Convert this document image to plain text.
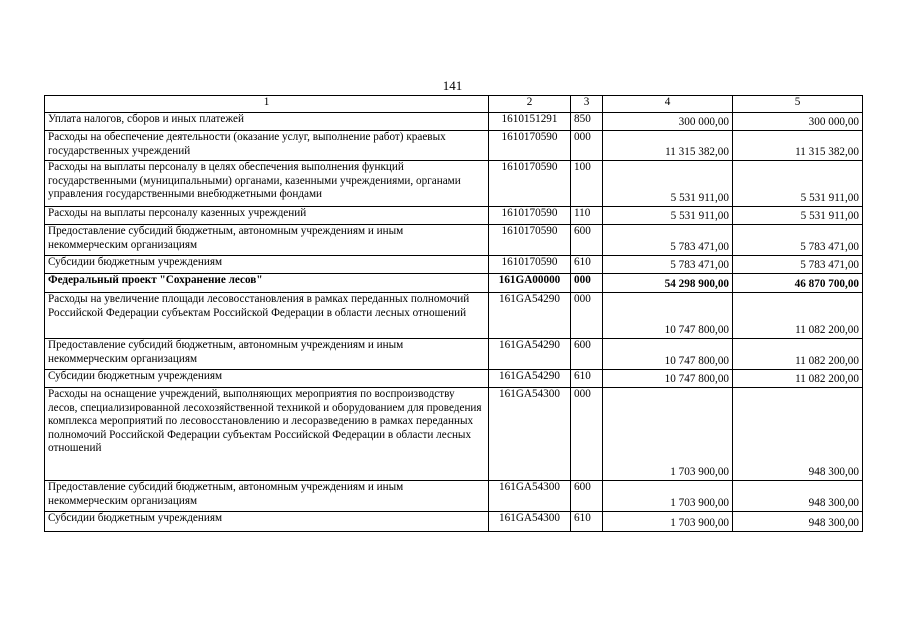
141
1	2	3	4	5
Уплата налогов, сборов и иных платежей	1610151291	850	300 000,00	300 000,00
Расходы на обеспечение деятельности (оказание услуг, выполнение работ) краевых государственных учреждений	1610170590	000	11 315 382,00	11 315 382,00
Расходы на выплаты персоналу в целях обеспечения выполнения функций государственными (муниципальными) органами, казенными учреждениями, органами управления государственными внебюджетными фондами	1610170590	100	5 531 911,00	5 531 911,00
Расходы на выплаты персоналу казенных учреждений	1610170590	110	5 531 911,00	5 531 911,00
Предоставление субсидий бюджетным, автономным учреждениям и иным некоммерческим организациям	1610170590	600	5 783 471,00	5 783 471,00
Субсидии бюджетным учреждениям	1610170590	610	5 783 471,00	5 783 471,00
Федеральный проект "Сохранение лесов"	161GA00000	000	54 298 900,00	46 870 700,00
Расходы на увеличение площади лесовосстановления в рамках переданных полномочий Российской Федерации субъектам Российской Федерации в области лесных отношений	161GA54290	000	10 747 800,00	11 082 200,00
Предоставление субсидий бюджетным, автономным учреждениям и иным некоммерческим организациям	161GA54290	600	10 747 800,00	11 082 200,00
Субсидии бюджетным учреждениям	161GA54290	610	10 747 800,00	11 082 200,00
Расходы на оснащение учреждений, выполняющих мероприятия по воспроизводству лесов, специализированной лесохозяйственной техникой и оборудованием для проведения комплекса мероприятий по лесовосстановлению и лесоразведению в рамках переданных полномочий Российской Федерации субъектам Российской Федерации в области лесных отношений	161GA54300	000	1 703 900,00	948 300,00
Предоставление субсидий бюджетным, автономным учреждениям и иным некоммерческим организациям	161GA54300	600	1 703 900,00	948 300,00
Субсидии бюджетным учреждениям	161GA54300	610	1 703 900,00	948 300,00
